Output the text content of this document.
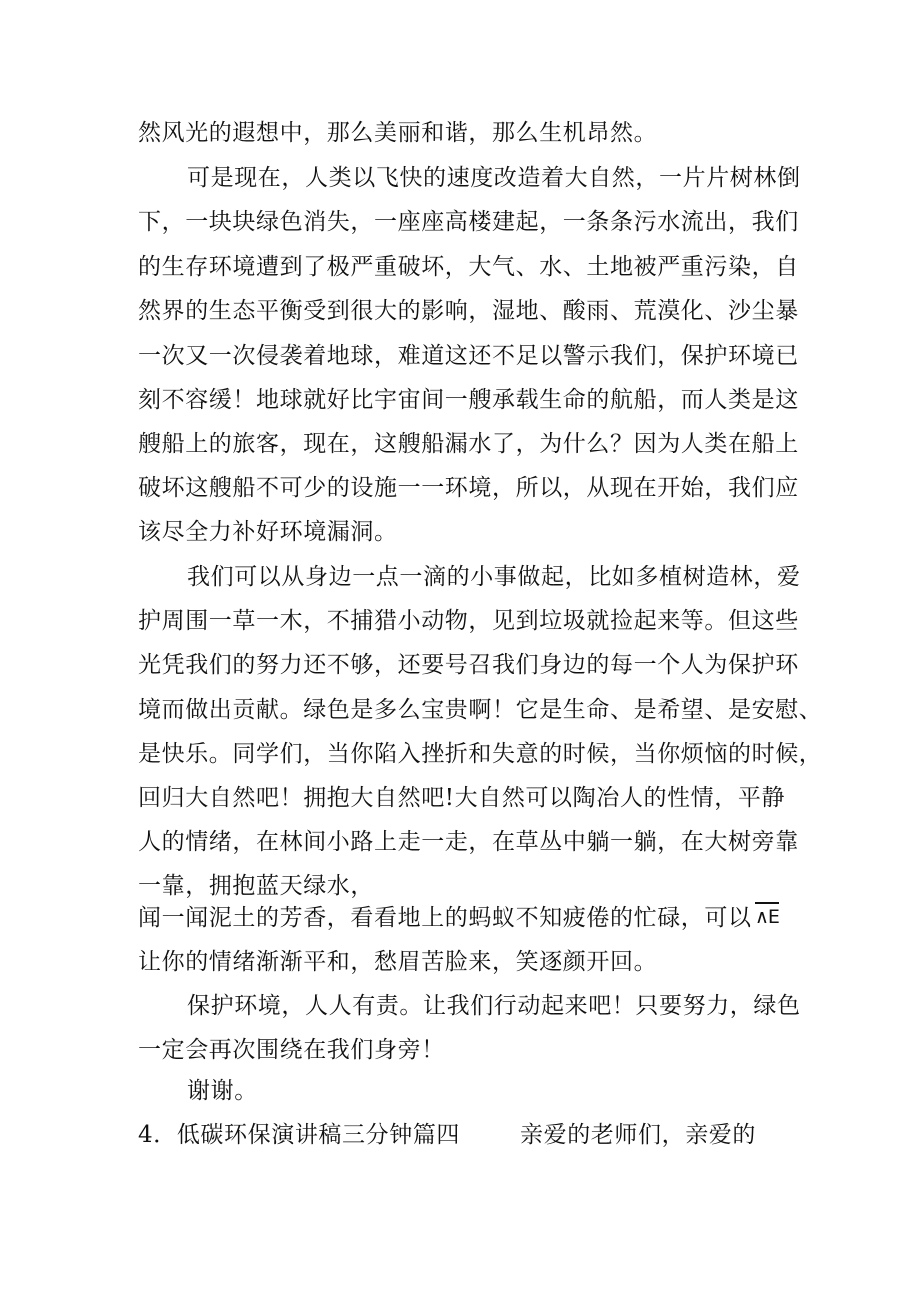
然风光的遐想中，那么美丽和谐，那么生机昂然。
可是现在，人类以飞快的速度改造着大自然，一片片树林倒
下，一块块绿色消失，一座座高楼建起，一条条污水流出，我们
的生存环境遭到了极严重破坏，大气、水、土地被严重污染，自
然界的生态平衡受到很大的影响，湿地、酸雨、荒漠化、沙尘暴
一次又一次侵袭着地球，难道这还不足以警示我们，保护环境已
刻不容缓！地球就好比宇宙间一艘承载生命的航船，而人类是这
艘船上的旅客，现在，这艘船漏水了，为什么？因为人类在船上
破坏这艘船不可少的设施一一环境，所以，从现在开始，我们应
该尽全力补好环境漏洞。
我们可以从身边一点一滴的小事做起，比如多植树造林，爱
护周围一草一木，不捕猎小动物，见到垃圾就捡起来等。但这些
光凭我们的努力还不够，还要号召我们身边的每一个人为保护环
境而做出贡献。绿色是多么宝贵啊！它是生命、是希望、是安慰、
是快乐。同学们，当你陷入挫折和失意的时候，当你烦恼的时候，
回归大自然吧！拥抱大自然吧!大自然可以陶冶人的性情，平静
人的情绪，在林间小路上走一走，在草丛中躺一躺，在大树旁靠
一靠，拥抱蓝天绿水，
闻一闻泥土的芳香，看看地上的蚂蚁不知疲倦的忙碌，可以 ∧E
让你的情绪渐渐平和，愁眉苦脸来，笑逐颜开回。
保护环境，人人有责。让我们行动起来吧！只要努力，绿色
一定会再次围绕在我们身旁！
谢谢。
4．低碳环保演讲稿三分钟篇四	亲爱的老师们，亲爱的
